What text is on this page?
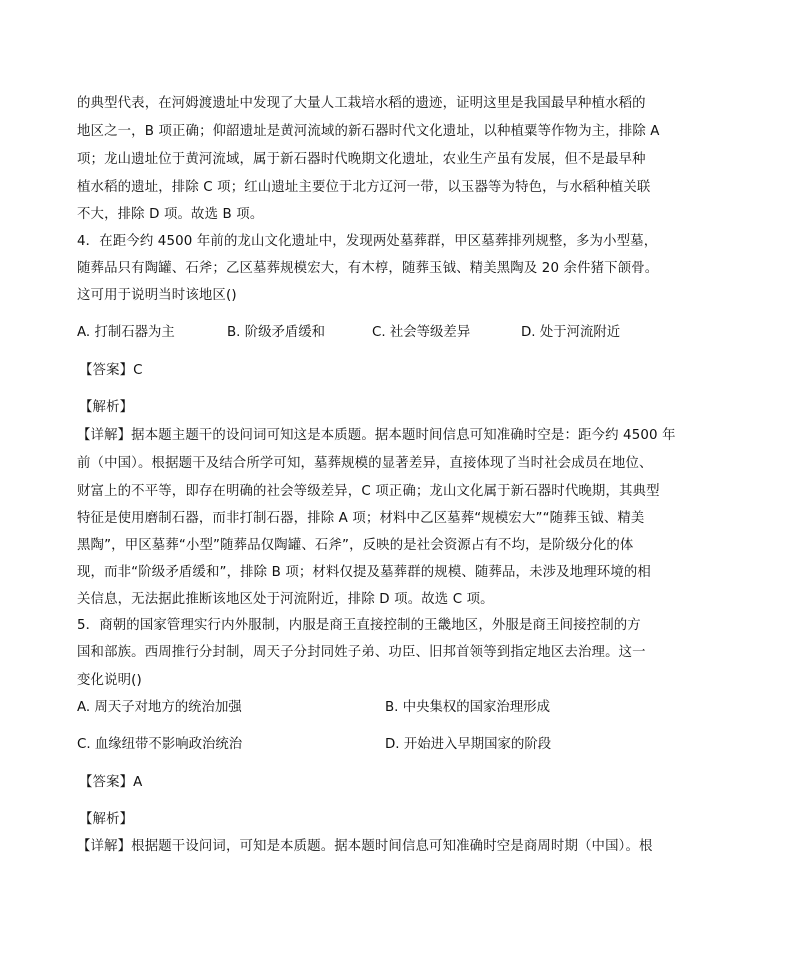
的典型代表，在河姆渡遗址中发现了大量人工栽培水稻的遗迹，证明这里是我国最早种植水稻的
地区之一，B 项正确；仰韶遗址是黄河流域的新石器时代文化遗址，以种植粟等作物为主，排除 A
项；龙山遗址位于黄河流域，属于新石器时代晚期文化遗址，农业生产虽有发展，但不是最早种
植水稻的遗址，排除 C 项；红山遗址主要位于北方辽河一带，以玉器等为特色，与水稻种植关联
不大，排除 D 项。故选 B 项。
4．在距今约 4500 年前的龙山文化遗址中，发现两处墓葬群，甲区墓葬排列规整，多为小型墓，
随葬品只有陶罐、石斧；乙区墓葬规模宏大，有木椁，随葬玉钺、精美黑陶及 20 余件猪下颌骨。
这可用于说明当时该地区()
A. 打制石器为主	B. 阶级矛盾缓和	C. 社会等级差异	D. 处于河流附近
【答案】C
【解析】
【详解】据本题主题干的设问词可知这是本质题。据本题时间信息可知准确时空是：距今约 4500 年
前（中国）。根据题干及结合所学可知，墓葬规模的显著差异，直接体现了当时社会成员在地位、
财富上的不平等，即存在明确的社会等级差异，C 项正确；龙山文化属于新石器时代晚期，其典型
特征是使用磨制石器，而非打制石器，排除 A 项；材料中乙区墓葬“规模宏大”“随葬玉钺、精美
黑陶”，甲区墓葬“小型”随葬品仅陶罐、石斧”，反映的是社会资源占有不均，是阶级分化的体
现，而非“阶级矛盾缓和”，排除 B 项；材料仅提及墓葬群的规模、随葬品，未涉及地理环境的相
关信息，无法据此推断该地区处于河流附近，排除 D 项。故选 C 项。
5．商朝的国家管理实行内外服制，内服是商王直接控制的王畿地区，外服是商王间接控制的方
国和部族。西周推行分封制，周天子分封同姓子弟、功臣、旧邦首领等到指定地区去治理。这一
变化说明()
A. 周天子对地方的统治加强	B. 中央集权的国家治理形成
C. 血缘纽带不影响政治统治	D. 开始进入早期国家的阶段
【答案】A
【解析】
【详解】根据题干设问词，可知是本质题。据本题时间信息可知准确时空是商周时期（中国）。根
